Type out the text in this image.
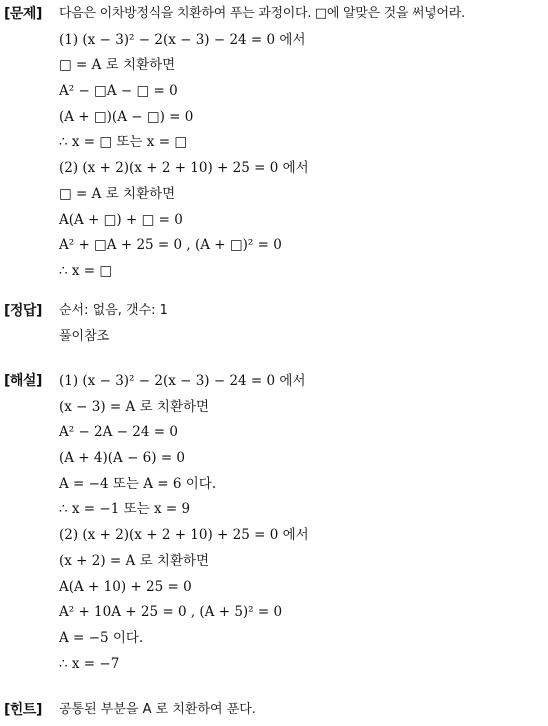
[문제] 다음은 이차방정식을 치환하여 푸는 과정이다. □에 알맞은 것을 써넣어라.
(1) (x − 3)² − 2(x − 3) − 24 = 0 에서
□ = A 로 치환하면
A² − □A − □ = 0
(A + □)(A − □) = 0
∴ x = □ 또는 x = □
(2) (x + 2)(x + 2 + 10) + 25 = 0 에서
□ = A 로 치환하면
A(A + □) + □ = 0
A² + □A + 25 = 0 , (A + □)² = 0
∴ x = □
[정답] 순서: 없음, 갯수: 1
풀이참조
[해설] (1) (x − 3)² − 2(x − 3) − 24 = 0 에서
(x − 3) = A 로 치환하면
A² − 2A − 24 = 0
(A + 4)(A − 6) = 0
A = −4 또는 A = 6 이다.
∴ x = −1 또는 x = 9
(2) (x + 2)(x + 2 + 10) + 25 = 0 에서
(x + 2) = A 로 치환하면
A(A + 10) + 25 = 0
A² + 10A + 25 = 0 , (A + 5)² = 0
A = −5 이다.
∴ x = −7
[힌트] 공통된 부분을 A 로 치환하여 푼다.
